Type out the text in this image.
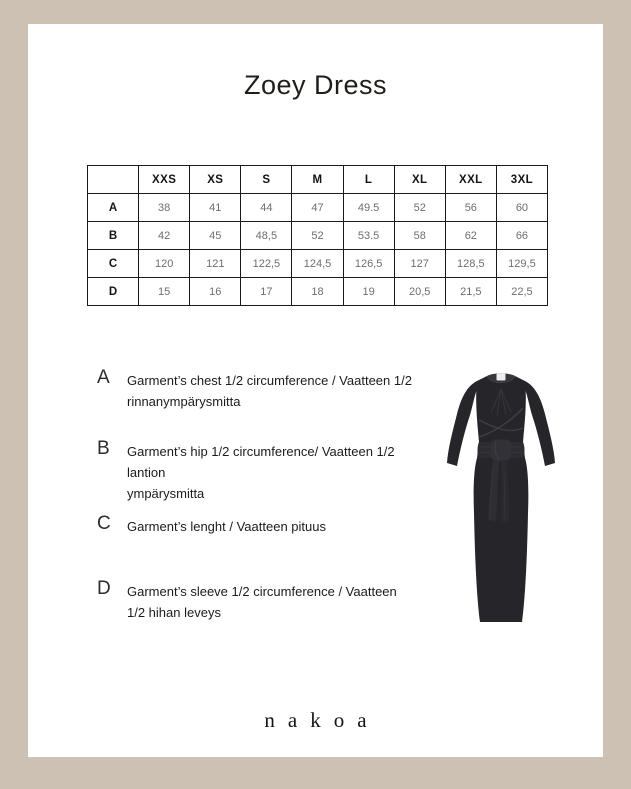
Zoey Dress
	XXS	XS	S	M	L	XL	XXL	3XL
A	38	41	44	47	49.5	52	56	60
B	42	45	48,5	52	53.5	58	62	66
C	120	121	122,5	124,5	126,5	127	128,5	129,5
D	15	16	17	18	19	20,5	21,5	22,5
A Garment’s chest 1/2 circumference / Vaatteen 1/2
rinnanympärysmitta
B Garment’s hip 1/2 circumference/ Vaatteen 1/2 lantion
ympärysmitta
C Garment’s lenght / Vaatteen pituus
D Garment’s sleeve 1/2 circumference / Vaatteen
1/2 hihan leveys
nakoa
